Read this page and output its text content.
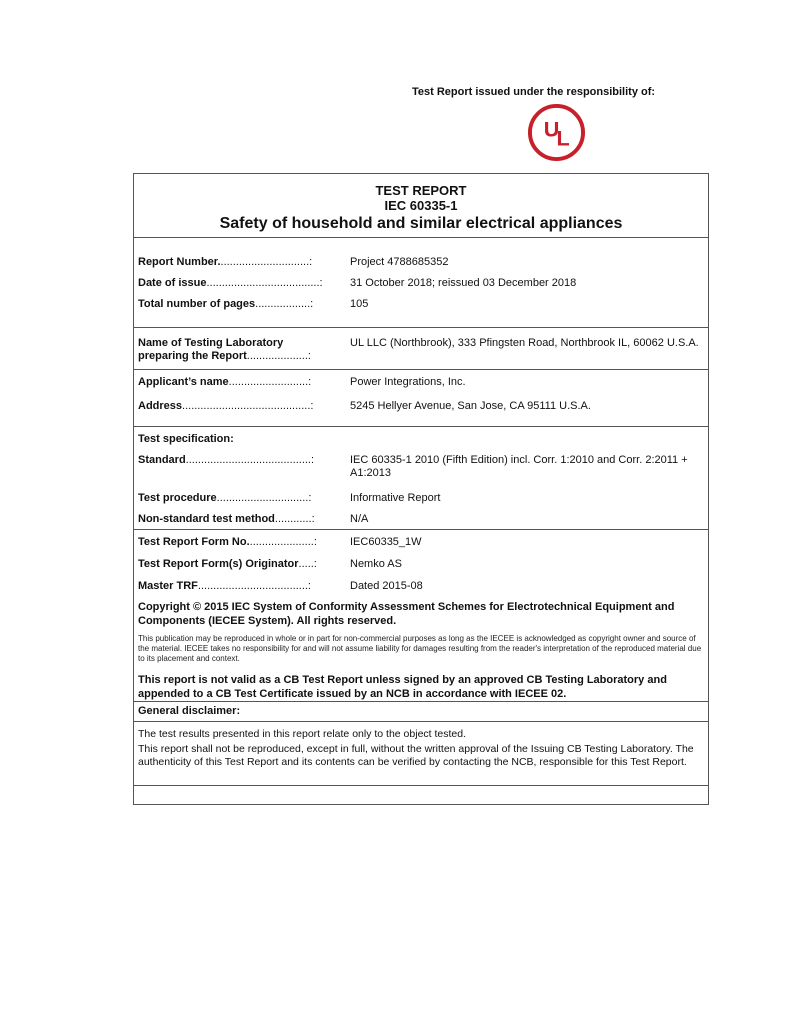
Test Report issued under the responsibility of:
U
L
TEST REPORT
IEC 60335-1
Safety of household and similar electrical appliances
Report Number..............................:	Project 4788685352
Date of issue.....................................:	31 October 2018; reissued 03 December 2018
Total number of pages..................:	105
Name of Testing Laboratory
preparing the Report....................:
UL LLC (Northbrook), 333 Pfingsten Road, Northbrook IL, 60062 U.S.A.
Applicant’s name..........................:	Power Integrations, Inc.
Address..........................................:	5245 Hellyer Avenue, San Jose, CA 95111 U.S.A.
Test specification:
Standard.........................................:	IEC 60335-1 2010 (Fifth Edition) incl. Corr. 1:2010 and Corr. 2:2011 + A1:2013
Test procedure..............................:	Informative Report
Non-standard test method............:	N/A
Test Report Form No......................:	IEC60335_1W
Test Report Form(s) Originator.....:	Nemko AS
Master TRF....................................:	Dated 2015-08
Copyright © 2015 IEC System of Conformity Assessment Schemes for Electrotechnical Equipment and Components (IECEE System). All rights reserved.
This publication may be reproduced in whole or in part for non-commercial purposes as long as the IECEE is acknowledged as copyright owner and source of the material. IECEE takes no responsibility for and will not assume liability for damages resulting from the reader's interpretation of the reproduced material due to its placement and context.
This report is not valid as a CB Test Report unless signed by an approved CB Testing Laboratory and appended to a CB Test Certificate issued by an NCB in accordance with IECEE 02.
General disclaimer:
The test results presented in this report relate only to the object tested.
This report shall not be reproduced, except in full, without the written approval of the Issuing CB Testing Laboratory. The authenticity of this Test Report and its contents can be verified by contacting the NCB, responsible for this Test Report.
